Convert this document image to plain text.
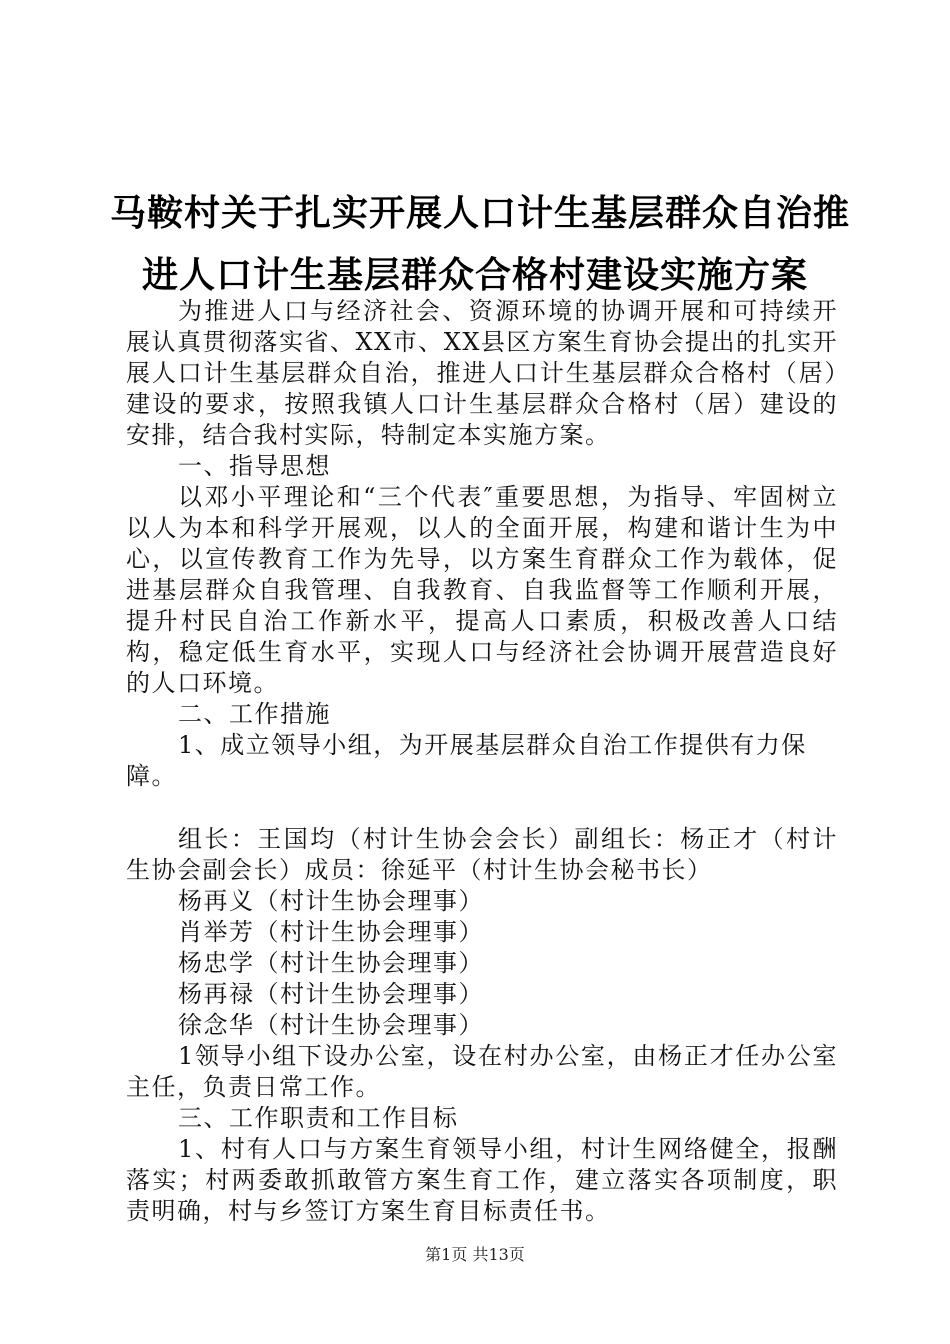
马鞍村关于扎实开展人口计生基层群众自治推
进人口计生基层群众合格村建设实施方案

为推进人口与经济社会、资源环境的协调开展和可持续开展认真贯彻落实省、XX市、XX县区方案生育协会提出的扎实开展人口计生基层群众自治，推进人口计生基层群众合格村（居）建设的要求，按照我镇人口计生基层群众合格村（居）建设的安排，结合我村实际，特制定本实施方案。

一、指导思想

以邓小平理论和“三个代表″重要思想，为指导、牢固树立以人为本和科学开展观，以人的全面开展，构建和谐计生为中心，以宣传教育工作为先导，以方案生育群众工作为载体，促进基层群众自我管理、自我教育、自我监督等工作顺利开展，提升村民自治工作新水平，提高人口素质，积极改善人口结构，稳定低生育水平，实现人口与经济社会协调开展营造良好的人口环境。

二、工作措施

1、成立领导小组，为开展基层群众自治工作提供有力保障。

组长：王国均（村计生协会会长）副组长：杨正才（村计生协会副会长）成员：徐延平（村计生协会秘书长）

杨再义（村计生协会理事）

肖举芳（村计生协会理事）

杨忠学（村计生协会理事）

杨再禄（村计生协会理事）

徐念华（村计生协会理事）

1领导小组下设办公室，设在村办公室，由杨正才任办公室主任，负责日常工作。

三、工作职责和工作目标

1、村有人口与方案生育领导小组，村计生网络健全，报酬落实；村两委敢抓敢管方案生育工作，建立落实各项制度，职责明确，村与乡签订方案生育目标责任书。

第1页 共13页
